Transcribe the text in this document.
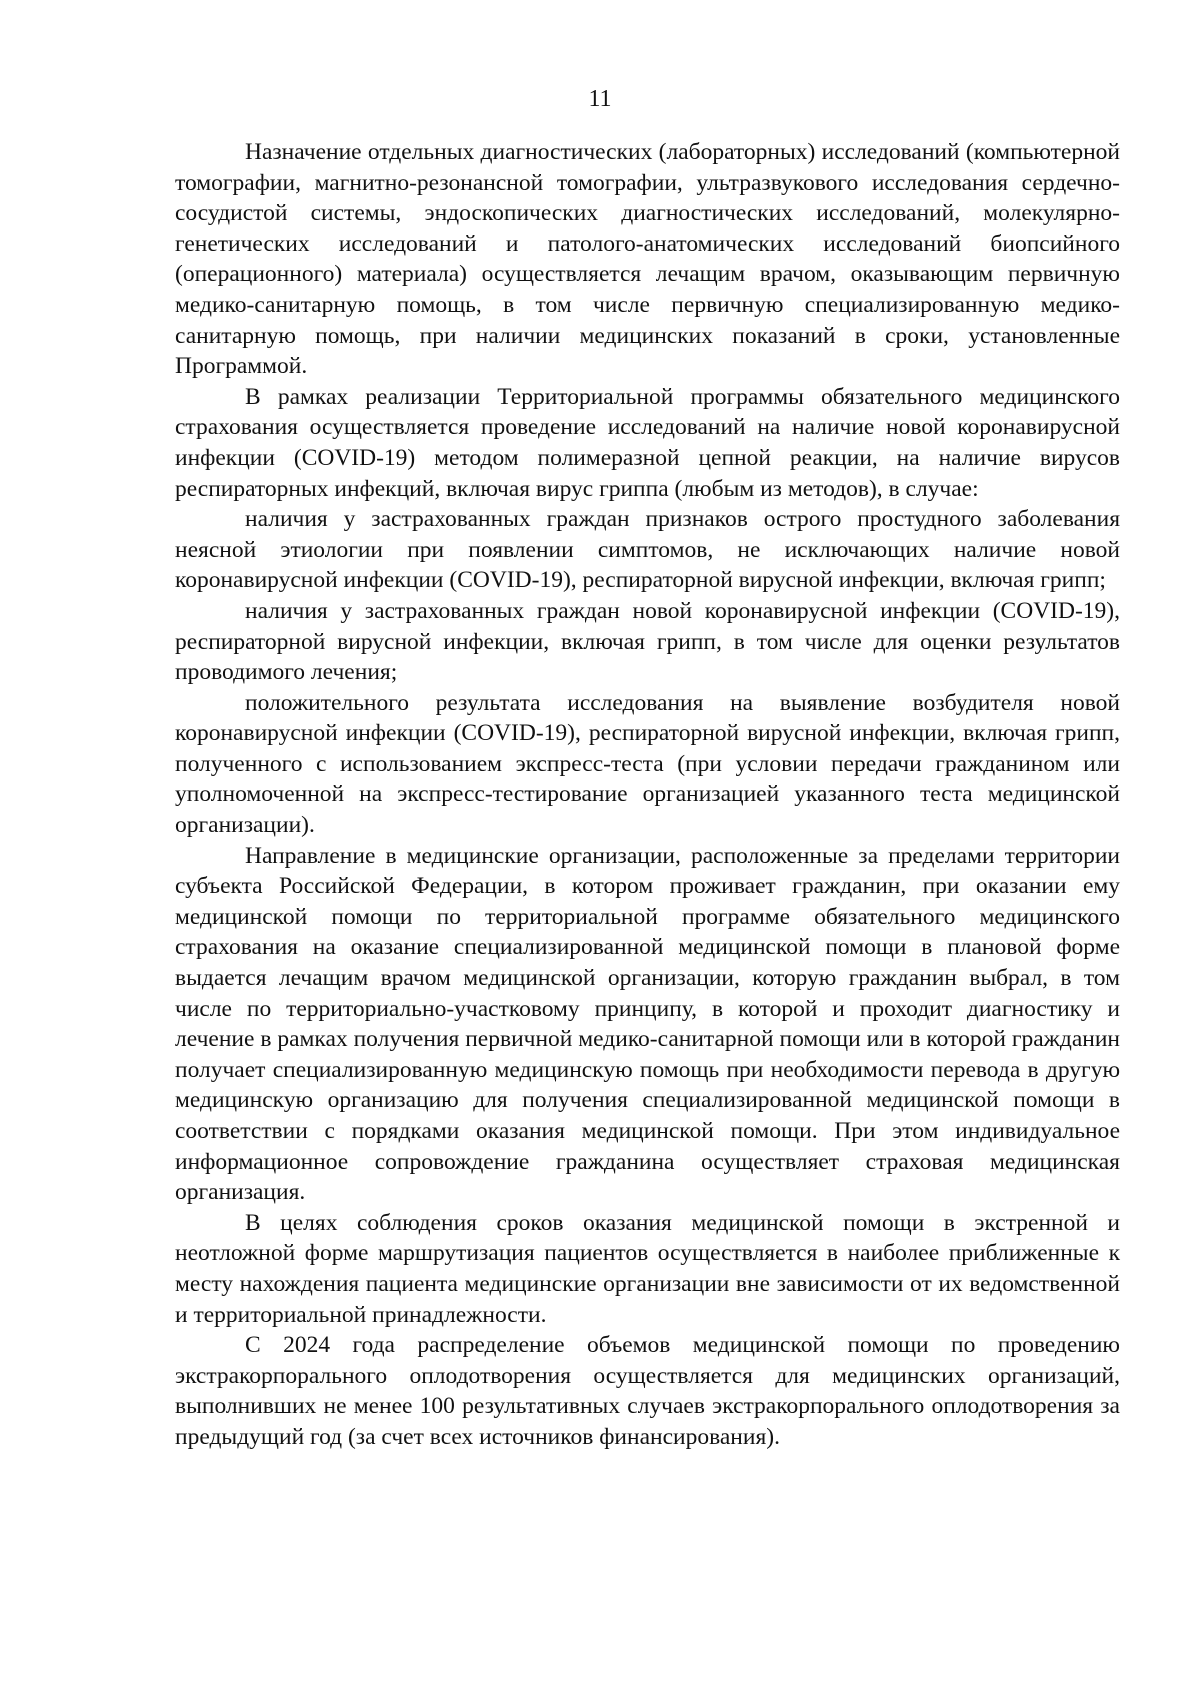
11

Назначение отдельных диагностических (лабораторных) исследований (компьютерной томографии, магнитно-резонансной томографии, ультразвукового исследования сердечно-сосудистой системы, эндоскопических диагностических исследований, молекулярно-генетических исследований и патолого-анатомических исследований биопсийного (операционного) материала) осуществляется лечащим врачом, оказывающим первичную медико-санитарную помощь, в том числе первичную специализированную медико-санитарную помощь, при наличии медицинских показаний в сроки, установленные Программой.

В рамках реализации Территориальной программы обязательного медицинского страхования осуществляется проведение исследований на наличие новой коронавирусной инфекции (COVID-19) методом полимеразной цепной реакции, на наличие вирусов респираторных инфекций, включая вирус гриппа (любым из методов), в случае:

наличия у застрахованных граждан признаков острого простудного заболевания неясной этиологии при появлении симптомов, не исключающих наличие новой коронавирусной инфекции (COVID-19), респираторной вирусной инфекции, включая грипп;

наличия у застрахованных граждан новой коронавирусной инфекции (COVID-19), респираторной вирусной инфекции, включая грипп, в том числе для оценки результатов проводимого лечения;

положительного результата исследования на выявление возбудителя новой коронавирусной инфекции (COVID-19), респираторной вирусной инфекции, включая грипп, полученного с использованием экспресс-теста (при условии передачи гражданином или уполномоченной на экспресс-тестирование организацией указанного теста медицинской организации).

Направление в медицинские организации, расположенные за пределами территории субъекта Российской Федерации, в котором проживает гражданин, при оказании ему медицинской помощи по территориальной программе обязательного медицинского страхования на оказание специализированной медицинской помощи в плановой форме выдается лечащим врачом медицинской организации, которую гражданин выбрал, в том числе по территориально-участковому принципу, в которой и проходит диагностику и лечение в рамках получения первичной медико-санитарной помощи или в которой гражданин получает специализированную медицинскую помощь при необходимости перевода в другую медицинскую организацию для получения специализированной медицинской помощи в соответствии с порядками оказания медицинской помощи. При этом индивидуальное информационное сопровождение гражданина осуществляет страховая медицинская организация.

В целях соблюдения сроков оказания медицинской помощи в экстренной и неотложной форме маршрутизация пациентов осуществляется в наиболее приближенные к месту нахождения пациента медицинские организации вне зависимости от их ведомственной и территориальной принадлежности.

С 2024 года распределение объемов медицинской помощи по проведению экстракорпорального оплодотворения осуществляется для медицинских организаций, выполнивших не менее 100 результативных случаев экстракорпорального оплодотворения за предыдущий год (за счет всех источников финансирования).
